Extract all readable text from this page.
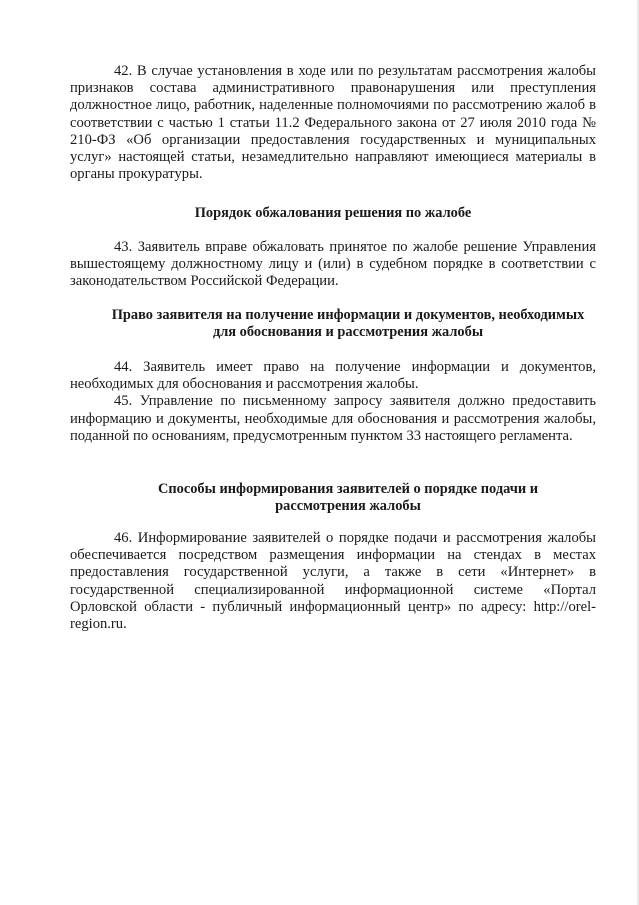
42. В случае установления в ходе или по результатам рассмотрения жалобы признаков состава административного правонарушения или преступления должностное лицо, работник, наделенные полномочиями по рассмотрению жалоб в соответствии с частью 1 статьи 11.2 Федерального закона от 27 июля 2010 года № 210-ФЗ «Об организации предоставления государственных и муниципальных услуг» настоящей статьи, незамедлительно направляют имеющиеся материалы в органы прокуратуры.

Порядок обжалования решения по жалобе

43. Заявитель вправе обжаловать принятое по жалобе решение Управления вышестоящему должностному лицу и (или) в судебном порядке в соответствии с законодательством Российской Федерации.

Право заявителя на получение информации и документов, необходимых для обоснования и рассмотрения жалобы

44. Заявитель имеет право на получение информации и документов, необходимых для обоснования и рассмотрения жалобы.

45. Управление по письменному запросу заявителя должно предоставить информацию и документы, необходимые для обоснования и рассмотрения жалобы, поданной по основаниям, предусмотренным пунктом 33 настоящего регламента.

Способы информирования заявителей о порядке подачи и рассмотрения жалобы

46. Информирование заявителей о порядке подачи и рассмотрения жалобы обеспечивается посредством размещения информации на стендах в местах предоставления государственной услуги, а также в сети «Интернет» в государственной специализированной информационной системе «Портал Орловской области - публичный информационный центр» по адресу: http://orel-region.ru.
